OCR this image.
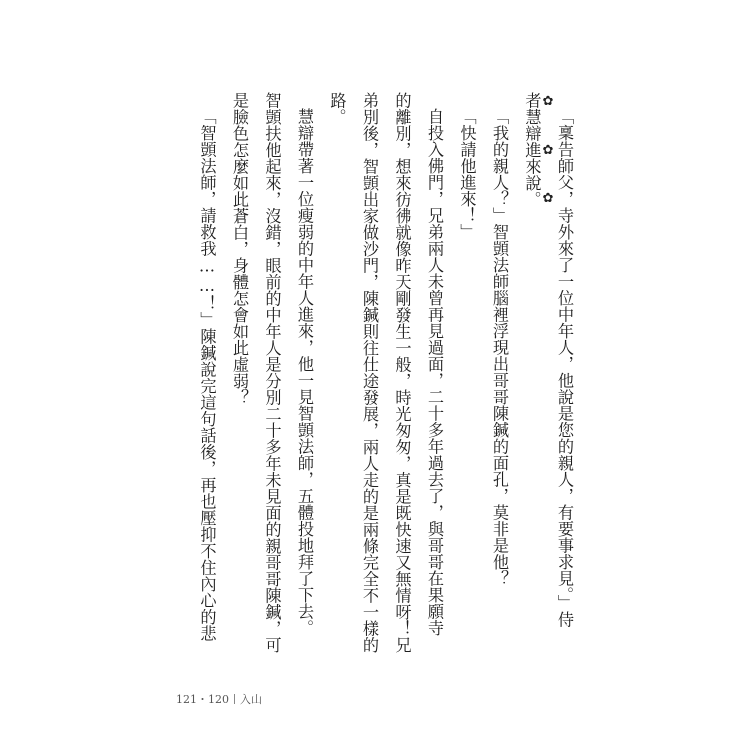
✿
✿
✿ 「稟告師父，寺外來了一位中年人，他說是您的親人，有要事求見。」侍

者慧辯進來說。

「我的親人？」智顗法師腦裡浮現出哥哥陳鍼的面孔，莫非是他？

「快請他進來！」

自投入佛門，兄弟兩人未曾再見過面，二十多年過去了，與哥哥在果願寺

的離別，想來彷彿就像昨天剛發生一般，時光匆匆，真是既快速又無情呀！兄

弟別後，智顗出家做沙門，陳鍼則往仕途發展，兩人走的是兩條完全不一樣的

路。

慧辯帶著一位瘦弱的中年人進來，他一見智顗法師，五體投地拜了下去。

智顗扶他起來，沒錯，眼前的中年人是分別二十多年未見面的親哥哥陳鍼，可

是臉色怎麼如此蒼白，身體怎會如此虛弱？

「智顗法師，請救我……！」陳鍼說完這句話後，再也壓抑不住內心的悲

121・120 入山
